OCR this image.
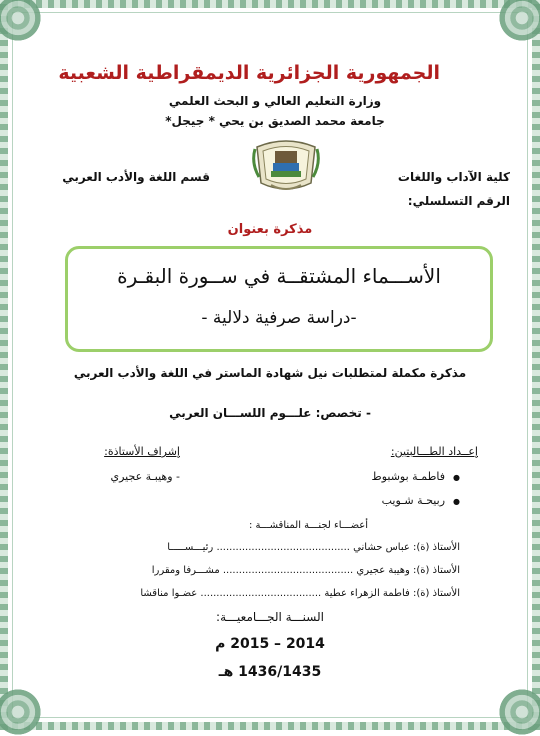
الجمهورية الجزائرية الديمقراطية الشعبية
وزارة التعليم العالي و البحث العلمي
جامعة محمد الصديق بن يحي * جيجل*
كلية الآداب واللغات
قسم اللغة والأدب العربي
الرقم التسلسلي:
مذكرة بعنوان
الأســـماء المشتقــة في ســورة البقـرة
-دراسة صرفية دلالية -
مذكرة مكملة لمتطلبات نيل شهادة الماستر في اللغة والأدب العربي
- تخصص: علـــوم اللســـان العربي
إعــداد الطـــالبتين:
إشراف الأستاذة:
● فاطمـة بوشبوط
● ربيحـة شـويب
- وهيبـة عجيري
أعضـــاء لجنـــة المناقشـــة :
الأستاذ (ة): عباس حشاني .......................................... رئيـــســـــا
الأستاذ (ة): وهيبة عجيري ......................................... مشـــرفا ومقررا
الأستاذ (ة): فاطمة الزهراء عطية ...................................... عضـوا مناقشا
السنـــة الجـــامعيـــة:
2014 – 2015 م
1436/1435 هـ
